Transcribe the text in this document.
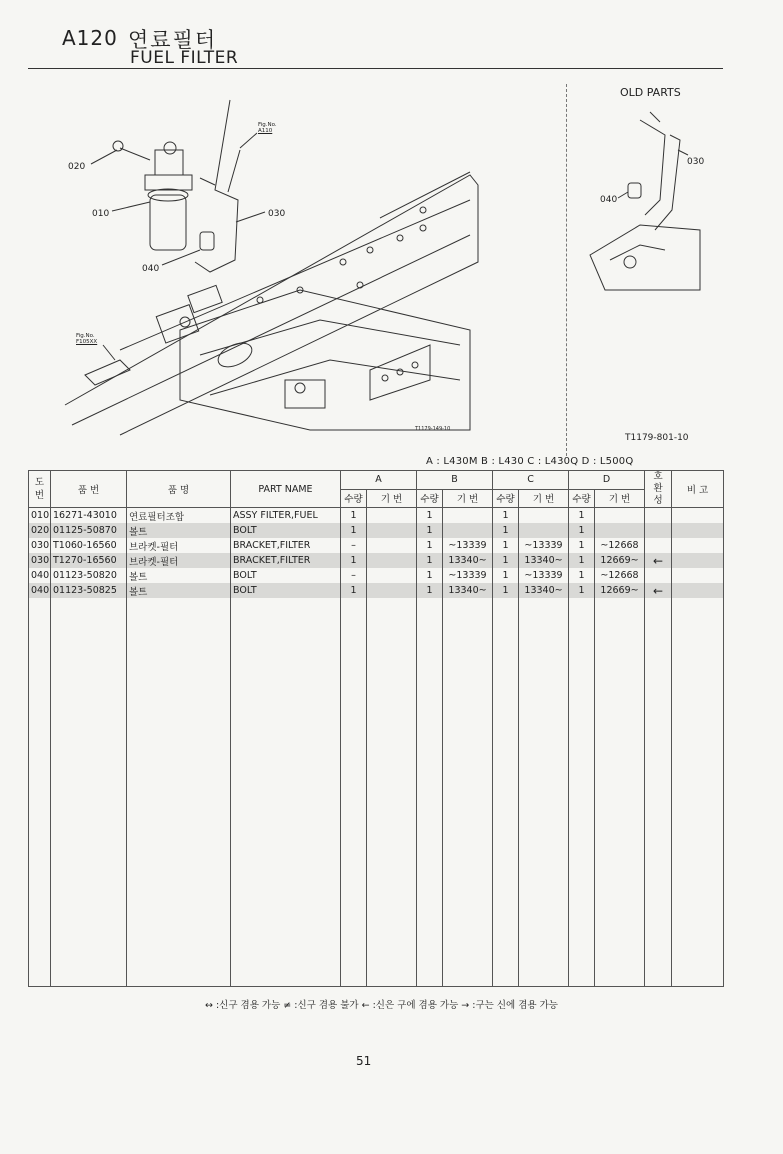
A120 연료필터
FUEL FILTER
020
010
040
030
030
040
Fig.No.
A110
Fig.No.
F105XX
OLD PARTS
T1179-149-10
T1179-801-10
A : L430M B : L430 C : L430Q D : L500Q
도
번	품 번	품 명	PART NAME	A		B		C		D		호
환
성	비 고
				수량	기 번	수량	기 번	수량	기 번	수량	기 번		
010	16271-43010	연료필터조합	ASSY FILTER,FUEL	1		1		1		1			
020	01125-50870	볼트	BOLT	1		1		1		1			
030	T1060-16560	브라켓-필터	BRACKET,FILTER	–		1	~13339	1	~13339	1	~12668		
030	T1270-16560	브라켓-필터	BRACKET,FILTER	1		1	13340~	1	13340~	1	12669~	←	
040	01123-50820	볼트	BOLT	–		1	~13339	1	~13339	1	~12668		
040	01123-50825	볼트	BOLT	1		1	13340~	1	13340~	1	12669~	←	

↔ :신구 겸용 가능 ≠ :신구 겸용 불가 ← :신은 구에 겸용 가능 → :구는 신에 겸용 가능
51
